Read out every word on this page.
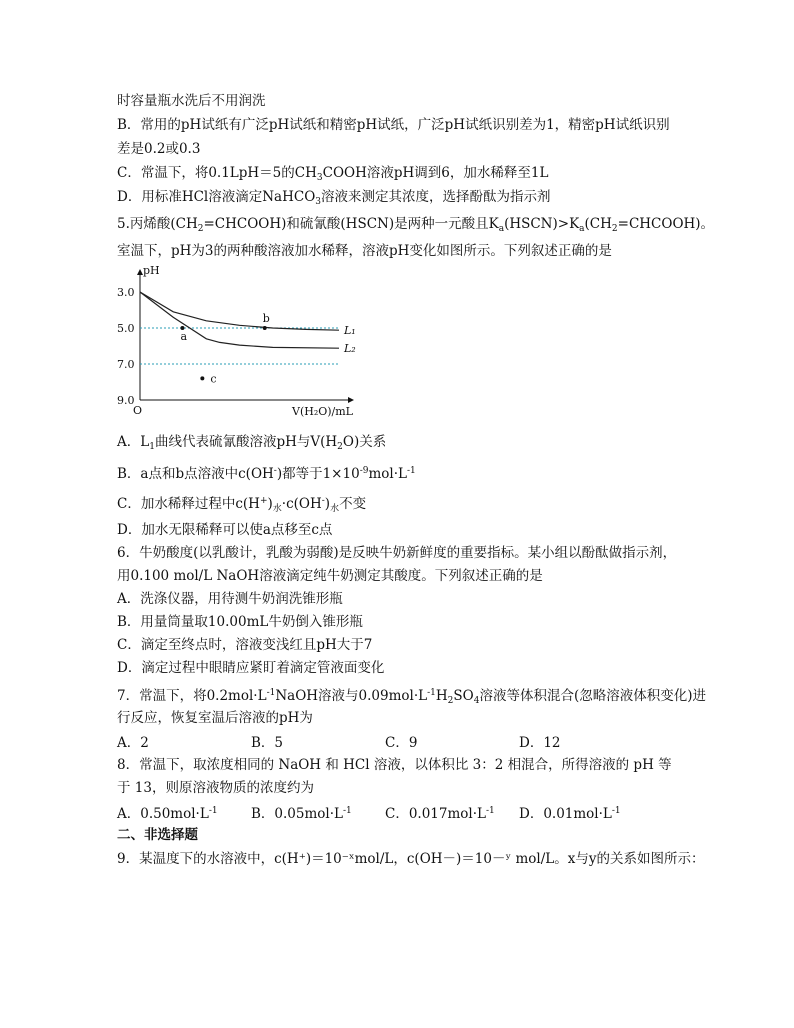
时容量瓶水洗后不用润洗
B．常用的pH试纸有广泛pH试纸和精密pH试纸，广泛pH试纸识别差为1，精密pH试纸识别
差是0.2或0.3
C．常温下，将0.1LpH＝5的$CH_3COOH$溶液pH调到6，加水稀释至1L
D．用标准HCl溶液滴定NaHCO$_3$溶液来测定其浓度，选择酚酞为指示剂
5.丙烯酸$(CH_2=CHCOOH)$和硫氰酸(HSCN)是两种一元酸且$K_a(HSCN)>K_a(CH_2=CHCOOH)$。
室温下，pH为3的两种酸溶液加水稀释，溶液pH变化如图所示。下列叙述正确的是
pH
O	V(H₂O)/mL
3.0
5.0
7.0
9.0
L₁
L₂
a
b
c
A．$L_1$曲线代表硫氰酸溶液pH与$V(H_2O)$关系
B．a点和b点溶液中c(OH-)都等于$1\times 10^{-9}mol\cdot L^{-1}$
C．加水稀释过程中$c(H^+)_水\cdot c(OH^-)_水$不变
D．加水无限稀释可以使a点移至c点
6．牛奶酸度(以乳酸计，乳酸为弱酸)是反映牛奶新鲜度的重要指标。某小组以酚酞做指示剂，
用0.100 mol/L NaOH溶液滴定纯牛奶测定其酸度。下列叙述正确的是
A．洗涤仪器，用待测牛奶润洗锥形瓶
B．用量筒量取10.00mL牛奶倒入锥形瓶
C．滴定至终点时，溶液变浅红且pH大于7
D．滴定过程中眼睛应紧盯着滴定管液面变化
7．常温下，将$0.2mol\cdot L^{-1}NaOH$溶液与$0.09mol\cdot L^{-1}H_2SO_4$溶液等体积混合(忽略溶液体积变化)进
行反应，恢复室温后溶液的pH为
A．2	B．5	C．9	D．12
8．常温下，取浓度相同的 NaOH 和 HCl 溶液，以体积比 3：2 相混合，所得溶液的 pH 等
于 13，则原溶液物质的浓度约为
A．$0.50mol\cdot L^{-1}$ B．$0.05mol\cdot L^{-1}$ C．$0.017mol\cdot L^{-1}$ D．$0.01mol\cdot L^{-1}$
二、非选择题
9．某温度下的水溶液中，c(H⁺)＝10⁻ˣmol/L，c(OH－)＝10－ʸ mol/L。x与y的关系如图所示：
